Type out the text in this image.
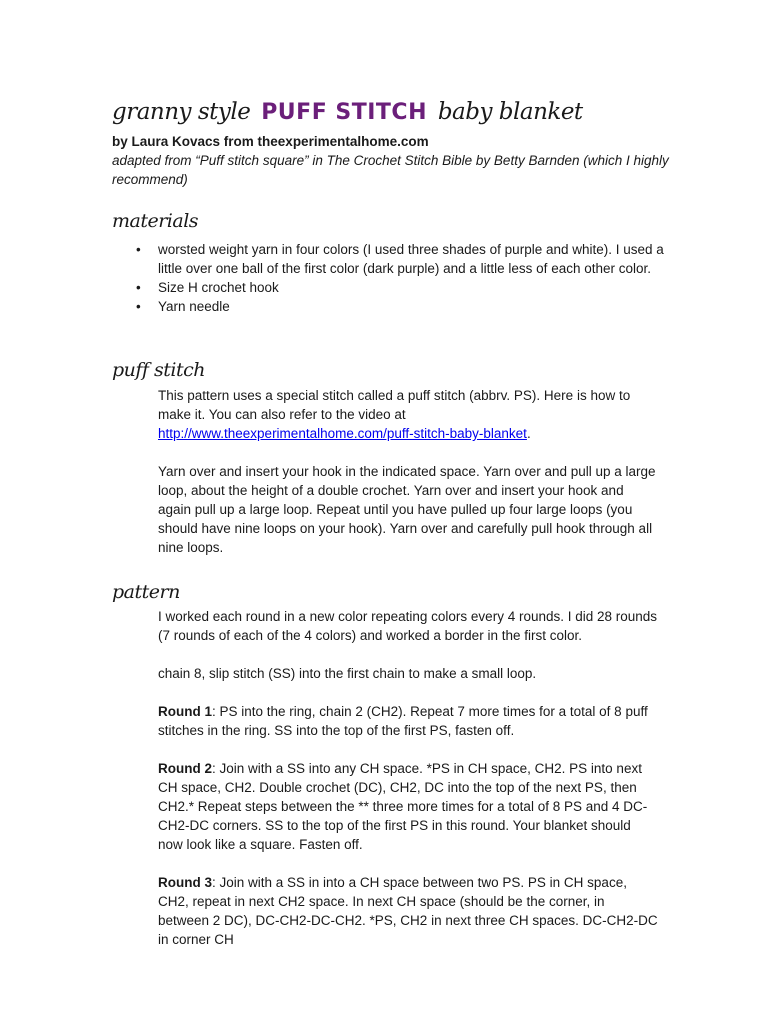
granny style PUFF STITCH baby blanket

by Laura Kovacs from theexperimentalhome.com

adapted from “Puff stitch square” in The Crochet Stitch Bible by Betty Barnden (which I highly recommend)

materials
• worsted weight yarn in four colors (I used three shades of purple and white). I used a little over one ball of the first color (dark purple) and a little less of each other color.
• Size H crochet hook
• Yarn needle
puff stitch

This pattern uses a special stitch called a puff stitch (abbrv. PS). Here is how to make it. You can also refer to the video at http://www.theexperimentalhome.com/puff-stitch-baby-blanket.

Yarn over and insert your hook in the indicated space. Yarn over and pull up a large loop, about the height of a double crochet. Yarn over and insert your hook and again pull up a large loop. Repeat until you have pulled up four large loops (you should have nine loops on your hook). Yarn over and carefully pull hook through all nine loops.

pattern

I worked each round in a new color repeating colors every 4 rounds. I did 28 rounds (7 rounds of each of the 4 colors) and worked a border in the first color.

chain 8, slip stitch (SS) into the first chain to make a small loop.

Round 1: PS into the ring, chain 2 (CH2). Repeat 7 more times for a total of 8 puff stitches in the ring. SS into the top of the first PS, fasten off.

Round 2: Join with a SS into any CH space. *PS in CH space, CH2. PS into next CH space, CH2. Double crochet (DC), CH2, DC into the top of the next PS, then CH2.* Repeat steps between the ** three more times for a total of 8 PS and 4 DC-CH2-DC corners. SS to the top of the first PS in this round. Your blanket should now look like a square. Fasten off.

Round 3: Join with a SS in into a CH space between two PS. PS in CH space, CH2, repeat in next CH2 space. In next CH space (should be the corner, in between 2 DC), DC-CH2-DC-CH2. *PS, CH2 in next three CH spaces. DC-CH2-DC in corner CH
